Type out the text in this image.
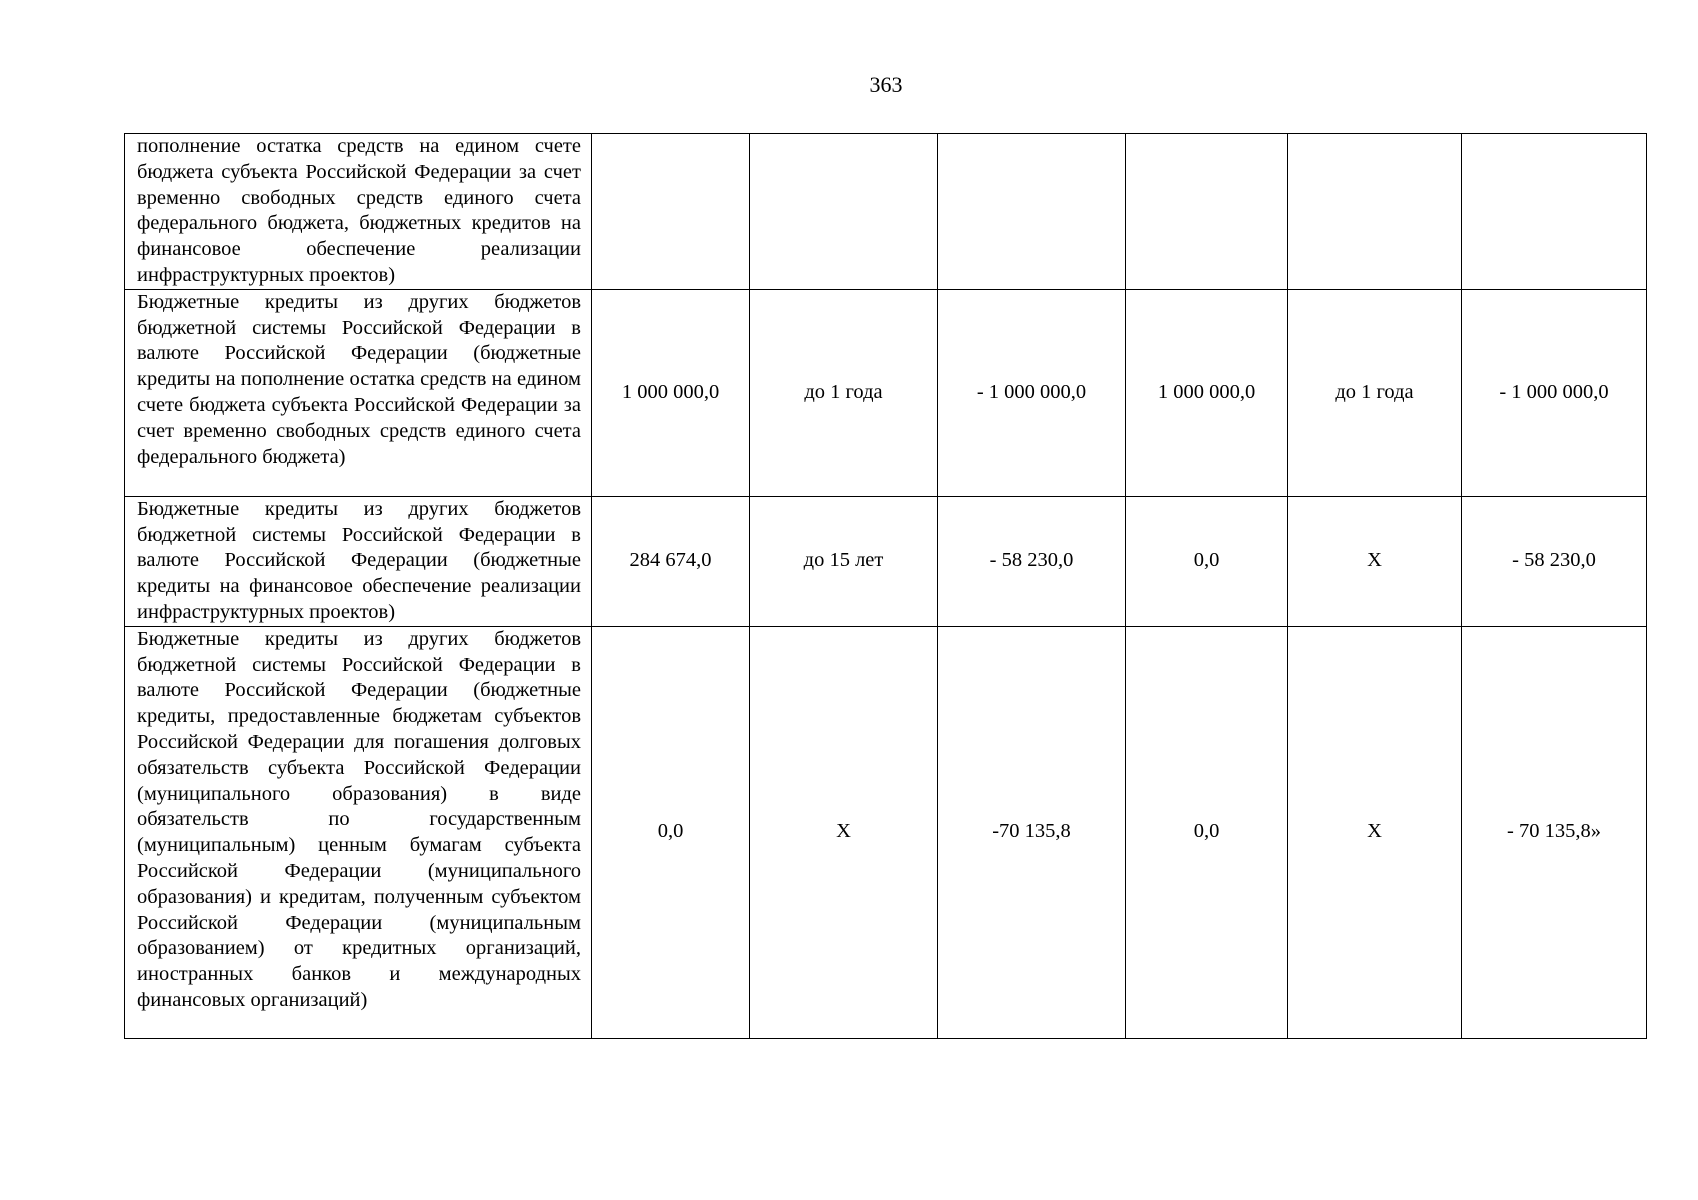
363
пополнение остатка средств на едином счете бюджета субъекта Российской Федерации за счет временно свободных средств единого счета федерального бюджета, бюджетных кредитов на финансовое обеспечение реализации инфраструктурных проектов)						
Бюджетные кредиты из других бюджетов бюджетной системы Российской Федерации в валюте Российской Федерации (бюджетные кредиты на пополнение остатка средств на едином счете бюджета субъекта Российской Федерации за счет временно свободных средств единого счета федерального бюджета)	1 000 000,0	до 1 года	- 1 000 000,0	1 000 000,0	до 1 года	- 1 000 000,0
Бюджетные кредиты из других бюджетов бюджетной системы Российской Федерации в валюте Российской Федерации (бюджетные кредиты на финансовое обеспечение реализации инфраструктурных проектов)	284 674,0	до 15 лет	- 58 230,0	0,0	Х	- 58 230,0
Бюджетные кредиты из других бюджетов бюджетной системы Российской Федерации в валюте Российской Федерации (бюджетные кредиты, предоставленные бюджетам субъектов Российской Федерации для погашения долговых обязательств субъекта Российской Федерации (муниципального образования) в виде обязательств по государственным (муниципальным) ценным бумагам субъекта Российской Федерации (муниципального образования) и кредитам, полученным субъектом Российской Федерации (муниципальным образованием) от кредитных организаций, иностранных банков и международных финансовых организаций)	0,0	Х	-70 135,8	0,0	Х	- 70 135,8»
